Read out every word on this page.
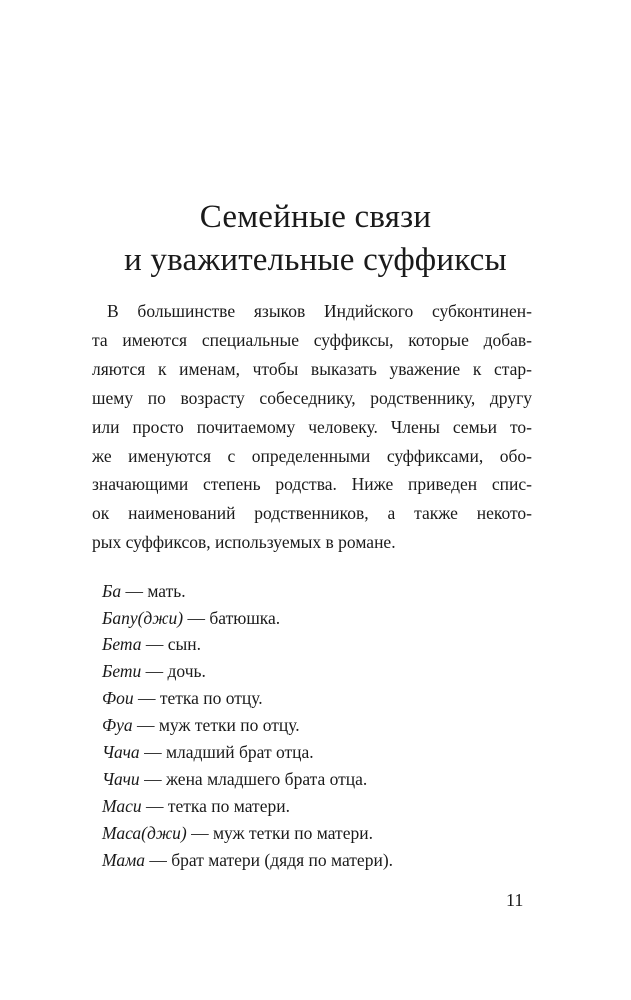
Семейные связи
и уважительные суффиксы
В большинстве языков Индийского субконтинен-
та имеются специальные суффиксы, которые добав-
ляются к именам, чтобы выказать уважение к стар-
шему по возрасту собеседнику, родственнику, другу
или просто почитаемому человеку. Члены семьи то-
же именуются с определенными суффиксами, обо-
значающими степень родства. Ниже приведен спис-
ок наименований родственников, а также некото-
рых суффиксов, используемых в романе.
Ба — мать.
Бапу(джи) — батюшка.
Бета — сын.
Бети — дочь.
Фои — тетка по отцу.
Фуа — муж тетки по отцу.
Чача — младший брат отца.
Чачи — жена младшего брата отца.
Маси — тетка по матери.
Маса(джи) — муж тетки по матери.
Мама — брат матери (дядя по матери).
11
